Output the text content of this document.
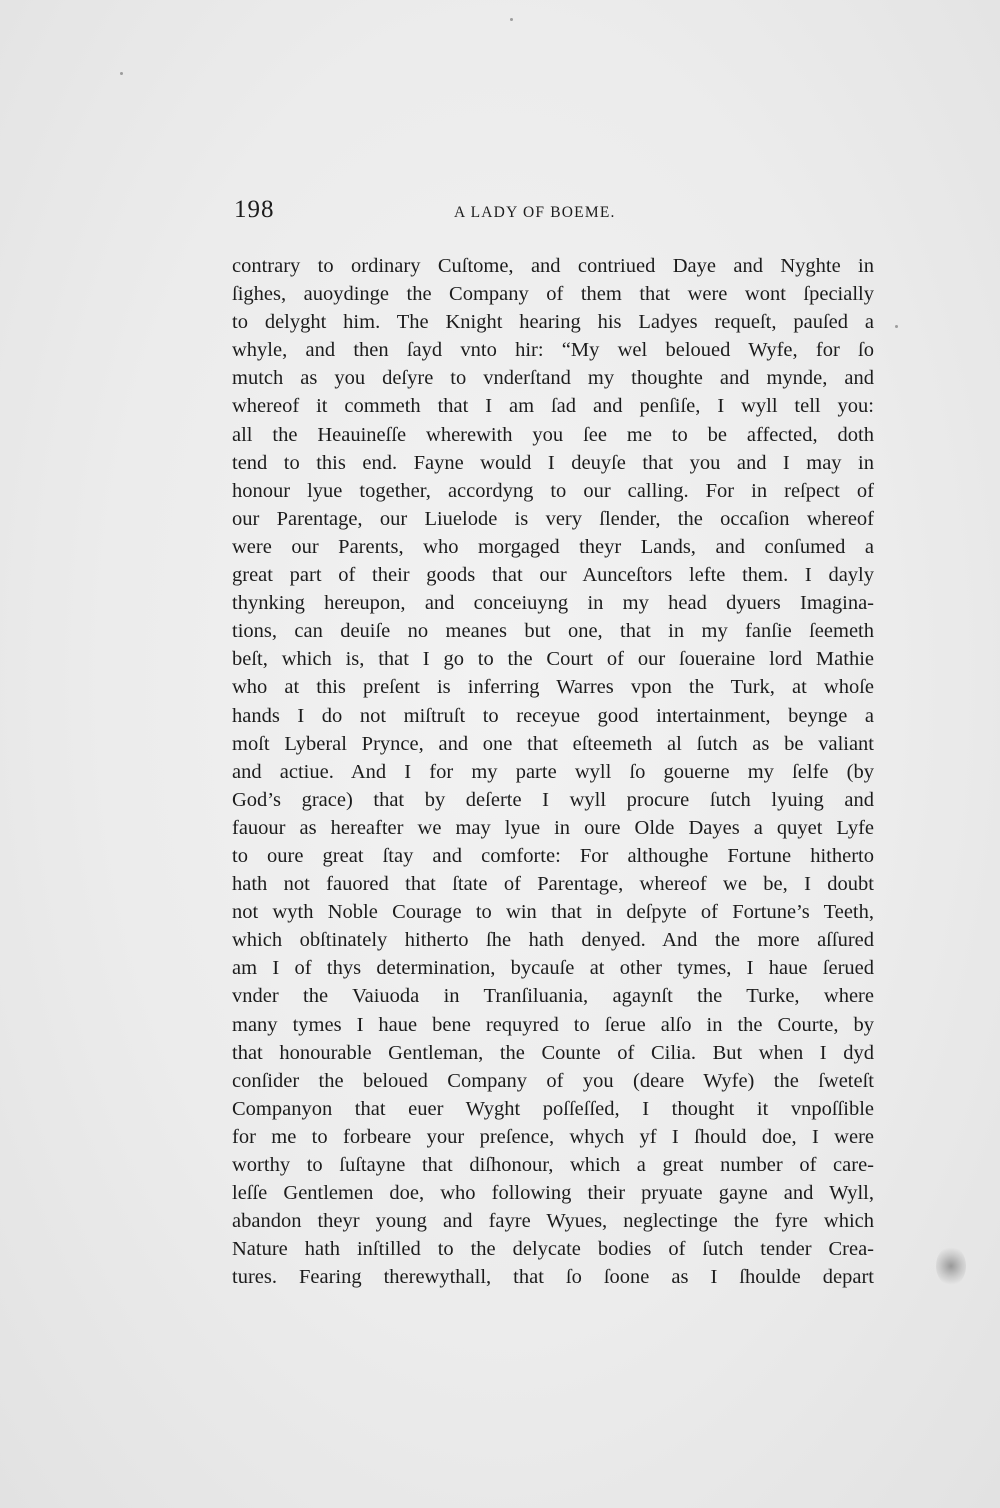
198	A LADY OF BOEME.
contrary to ordinary Cuſtome, and contriued Daye and Nyghte in
ſighes, auoydinge the Company of them that were wont ſpecially
to delyght him. The Knight hearing his Ladyes requeſt, pauſed a
whyle, and then ſayd vnto hir: “My wel beloued Wyfe, for ſo
mutch as you deſyre to vnderſtand my thoughte and mynde, and
whereof it commeth that I am ſad and penſiſe, I wyll tell you:
all the Heauineſſe wherewith you ſee me to be affected, doth
tend to this end. Fayne would I deuyſe that you and I may in
honour lyue together, accordyng to our calling. For in reſpect of
our Parentage, our Liuelode is very ſlender, the occaſion whereof
were our Parents, who morgaged theyr Lands, and conſumed a
great part of their goods that our Aunceſtors lefte them. I dayly
thynking hereupon, and conceiuyng in my head dyuers Imagina-
tions, can deuiſe no meanes but one, that in my fanſie ſeemeth
beſt, which is, that I go to the Court of our ſoueraine lord Mathie
who at this preſent is inferring Warres vpon the Turk, at whoſe
hands I do not miſtruſt to receyue good intertainment, beynge a
moſt Lyberal Prynce, and one that eſteemeth al ſutch as be valiant
and actiue. And I for my parte wyll ſo gouerne my ſelfe (by
God’s grace) that by deſerte I wyll procure ſutch lyuing and
fauour as hereafter we may lyue in oure Olde Dayes a quyet Lyfe
to oure great ſtay and comforte: For althoughe Fortune hitherto
hath not fauored that ſtate of Parentage, whereof we be, I doubt
not wyth Noble Courage to win that in deſpyte of Fortune’s Teeth,
which obſtinately hitherto ſhe hath denyed. And the more aſſured
am I of thys determination, bycauſe at other tymes, I haue ſerued
vnder the Vaiuoda in Tranſiluania, agaynſt the Turke, where
many tymes I haue bene requyred to ſerue alſo in the Courte, by
that honourable Gentleman, the Counte of Cilia. But when I dyd
conſider the beloued Company of you (deare Wyfe) the ſweteſt
Companyon that euer Wyght poſſeſſed, I thought it vnpoſſible
for me to forbeare your preſence, whych yf I ſhould doe, I were
worthy to ſuſtayne that diſhonour, which a great number of care-
leſſe Gentlemen doe, who following their pryuate gayne and Wyll,
abandon theyr young and fayre Wyues, neglectinge the fyre which
Nature hath inſtilled to the delycate bodies of ſutch tender Crea-
tures. Fearing therewythall, that ſo ſoone as I ſhoulde depart
